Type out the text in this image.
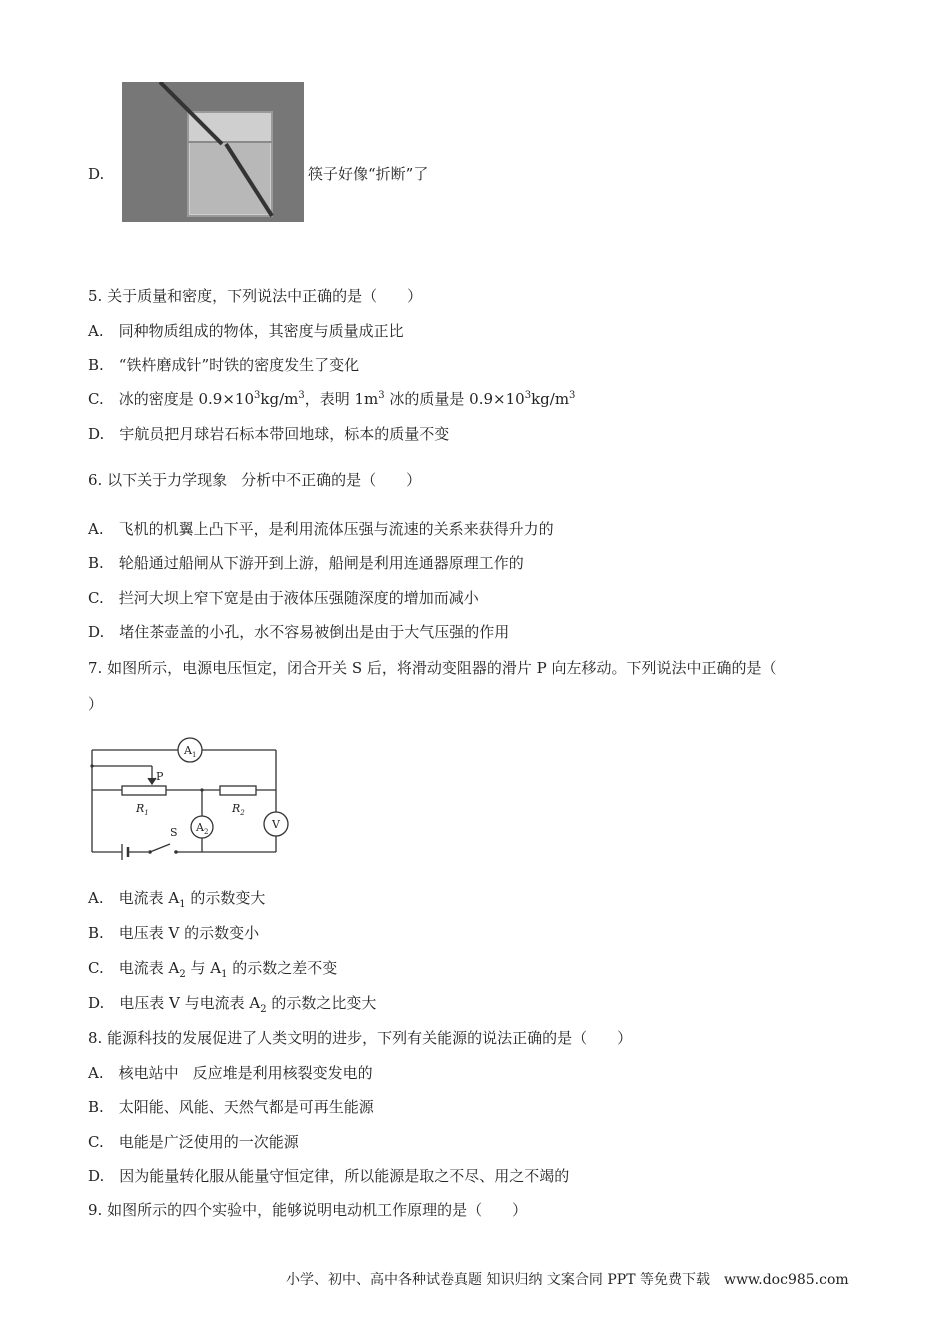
D.	筷子好像“折断”了
5. 关于质量和密度，下列说法中正确的是（　　）
A.　同种物质组成的物体，其密度与质量成正比
B.　“铁杵磨成针”时铁的密度发生了变化
C.　冰的密度是 $0.9\times 10^3kg/m^3$，表明 $1m^3$ 冰的质量是 $0.9\times 10^3kg/m^3$
D.　宇航员把月球岩石标本带回地球，标本的质量不变
6. 以下关于力学现象 分析中不正确的是（　　）
A.　飞机的机翼上凸下平，是利用流体压强与流速的关系来获得升力的
B.　轮船通过船闸从下游开到上游，船闸是利用连通器原理工作的
C.　拦河大坝上窄下宽是由于液体压强随深度的增加而减小
D.　堵住茶壶盖的小孔，水不容易被倒出是由于大气压强的作用
7. 如图所示，电源电压恒定，闭合开关 S 后，将滑动变阻器的滑片 P 向左移动。下列说法中正确的是（
）
$A_1$
$A_2$
V
P
$R_1$	$R_2$
S
A.　电流表 $A_1$ 的示数变大
B.　电压表 V 的示数变小
C.　电流表 $A_2$ 与 $A_1$ 的示数之差不变
D.　电压表 V 与电流表 $A_2$ 的示数之比变大
8. 能源科技的发展促进了人类文明的进步，下列有关能源的说法正确的是（　　）
A.　核电站中 反应堆是利用核裂变发电的
B.　太阳能、风能、天然气都是可再生能源
C.　电能是广泛使用的一次能源
D.　因为能量转化服从能量守恒定律，所以能源是取之不尽、用之不竭的
9. 如图所示的四个实验中，能够说明电动机工作原理的是（　　）
小学、初中、高中各种试卷真题 知识归纳 文案合同 PPT 等免费下载　www.doc985.com
